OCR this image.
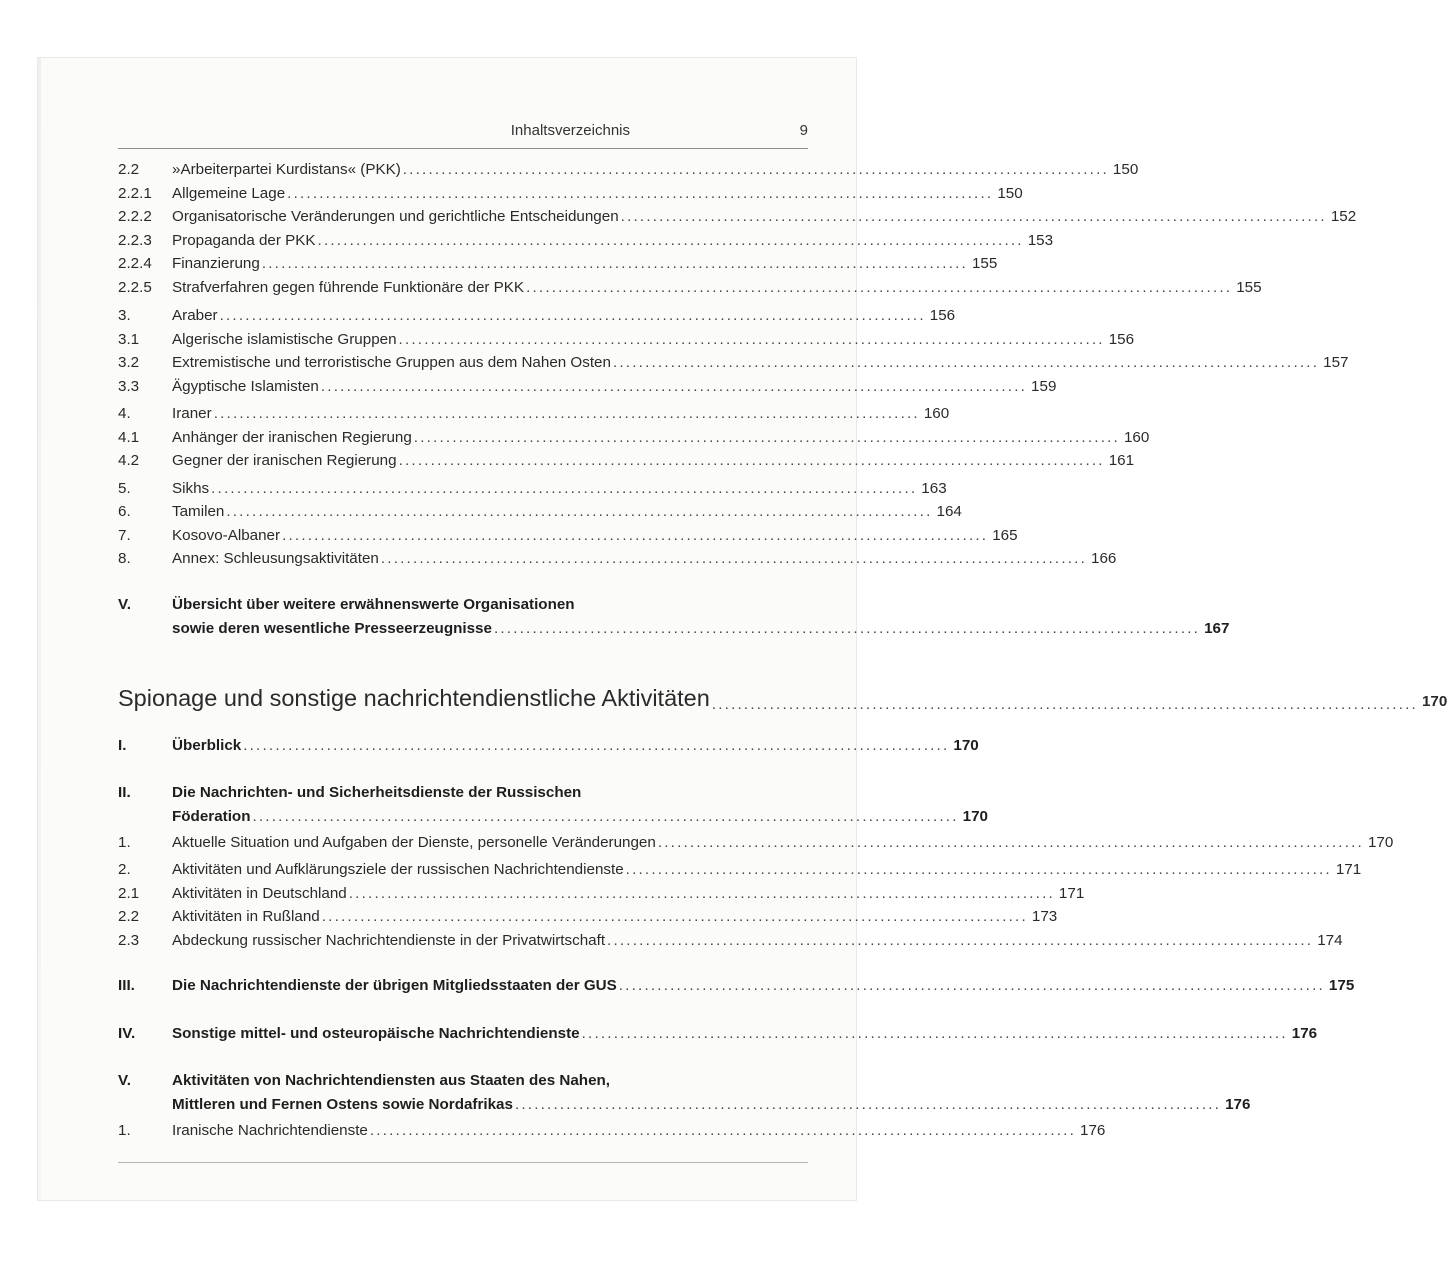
Inhaltsverzeichnis	9
2.2 »Arbeiterpartei Kurdistans« (PKK) .............................................................................................................. 150
2.2.1 Allgemeine Lage .............................................................................................................. 150
2.2.2 Organisatorische Veränderungen und gerichtliche Entscheidungen .............................................................................................................. 152
2.2.3 Propaganda der PKK .............................................................................................................. 153
2.2.4 Finanzierung .............................................................................................................. 155
2.2.5 Strafverfahren gegen führende Funktionäre der PKK .............................................................................................................. 155
3.	Araber .............................................................................................................. 156
3.1 Algerische islamistische Gruppen .............................................................................................................. 156
3.2 Extremistische und terroristische Gruppen aus dem Nahen Osten .............................................................................................................. 157
3.3 Ägyptische Islamisten .............................................................................................................. 159
4.	Iraner .............................................................................................................. 160
4.1 Anhänger der iranischen Regierung .............................................................................................................. 160
4.2 Gegner der iranischen Regierung .............................................................................................................. 161
5.	Sikhs .............................................................................................................. 163
6.	Tamilen .............................................................................................................. 164
7.	Kosovo-Albaner .............................................................................................................. 165
8.	Annex: Schleusungsaktivitäten .............................................................................................................. 166
V.	Übersicht über weitere erwähnenswerte Organisationen
sowie deren wesentliche Presseerzeugnisse .............................................................................................................. 167
Spionage und sonstige nachrichtendienstliche Aktivitäten .............................................................................................................. 170
I.	Überblick .............................................................................................................. 170
II.	Die Nachrichten- und Sicherheitsdienste der Russischen
Föderation .............................................................................................................. 170
1.	Aktuelle Situation und Aufgaben der Dienste, personelle Veränderungen .............................................................................................................. 170
2.	Aktivitäten und Aufklärungsziele der russischen Nachrichtendienste .............................................................................................................. 171
2.1 Aktivitäten in Deutschland .............................................................................................................. 171
2.2 Aktivitäten in Rußland .............................................................................................................. 173
2.3 Abdeckung russischer Nachrichtendienste in der Privatwirtschaft .............................................................................................................. 174
III. Die Nachrichtendienste der übrigen Mitgliedsstaaten der GUS .............................................................................................................. 175
IV. Sonstige mittel- und osteuropäische Nachrichtendienste .............................................................................................................. 176
V.	Aktivitäten von Nachrichtendiensten aus Staaten des Nahen,
Mittleren und Fernen Ostens sowie Nordafrikas .............................................................................................................. 176
1.	Iranische Nachrichtendienste .............................................................................................................. 176
